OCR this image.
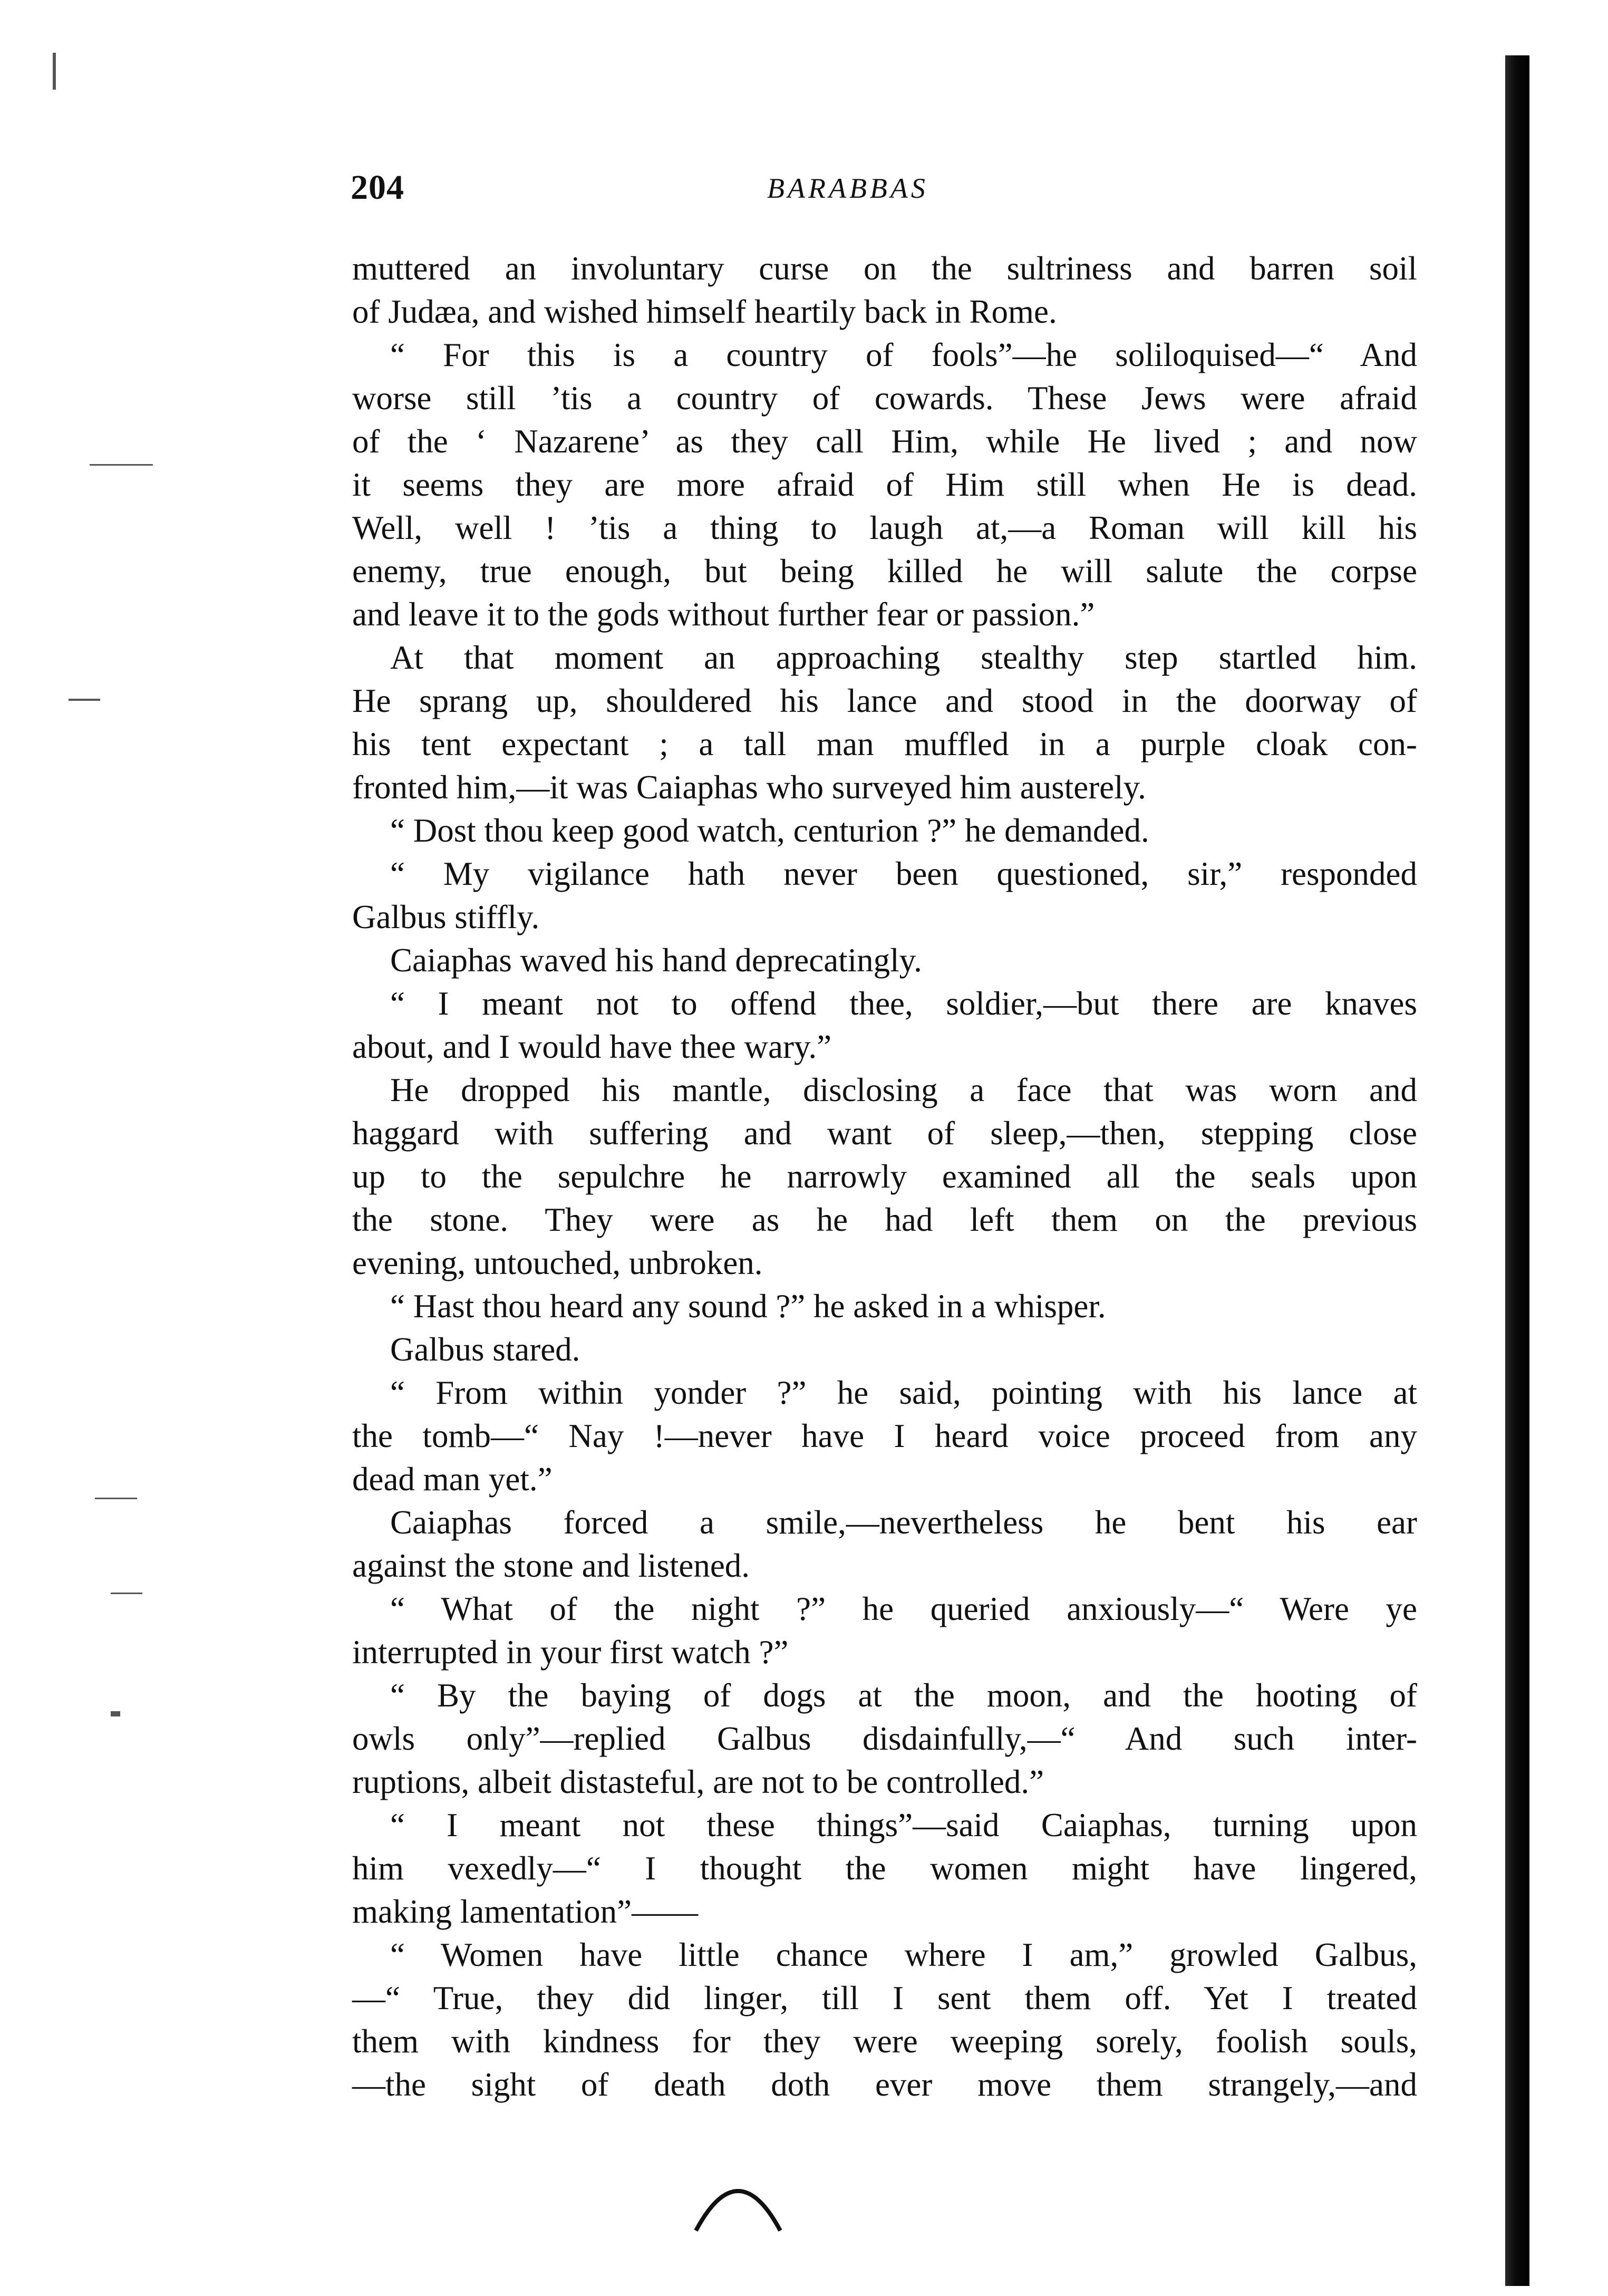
204	BARABBAS
muttered an involuntary curse on the sultriness and barren soil
of Judæa, and wished himself heartily back in Rome.
“ For this is a country of fools”—he soliloquised—“ And
worse still ’tis a country of cowards. These Jews were afraid
of the ‘ Nazarene’ as they call Him, while He lived ; and now
it seems they are more afraid of Him still when He is dead.
Well, well ! ’tis a thing to laugh at,—a Roman will kill his
enemy, true enough, but being killed he will salute the corpse
and leave it to the gods without further fear or passion.”
At that moment an approaching stealthy step startled him.
He sprang up, shouldered his lance and stood in the doorway of
his tent expectant ; a tall man muffled in a purple cloak con-
fronted him,—it was Caiaphas who surveyed him austerely.
“ Dost thou keep good watch, centurion ?” he demanded.
“ My vigilance hath never been questioned, sir,” responded
Galbus stiffly.
Caiaphas waved his hand deprecatingly.
“ I meant not to offend thee, soldier,—but there are knaves
about, and I would have thee wary.”
He dropped his mantle, disclosing a face that was worn and
haggard with suffering and want of sleep,—then, stepping close
up to the sepulchre he narrowly examined all the seals upon
the stone. They were as he had left them on the previous
evening, untouched, unbroken.
“ Hast thou heard any sound ?” he asked in a whisper.
Galbus stared.
“ From within yonder ?” he said, pointing with his lance at
the tomb—“ Nay !—never have I heard voice proceed from any
dead man yet.”
Caiaphas forced a smile,—nevertheless he bent his ear
against the stone and listened.
“ What of the night ?” he queried anxiously—“ Were ye
interrupted in your first watch ?”
“ By the baying of dogs at the moon, and the hooting of
owls only”—replied Galbus disdainfully,—“ And such inter-
ruptions, albeit distasteful, are not to be controlled.”
“ I meant not these things”—said Caiaphas, turning upon
him vexedly—“ I thought the women might have lingered,
making lamentation”——
“ Women have little chance where I am,” growled Galbus,
—“ True, they did linger, till I sent them off. Yet I treated
them with kindness for they were weeping sorely, foolish souls,
—the sight of death doth ever move them strangely,—and
